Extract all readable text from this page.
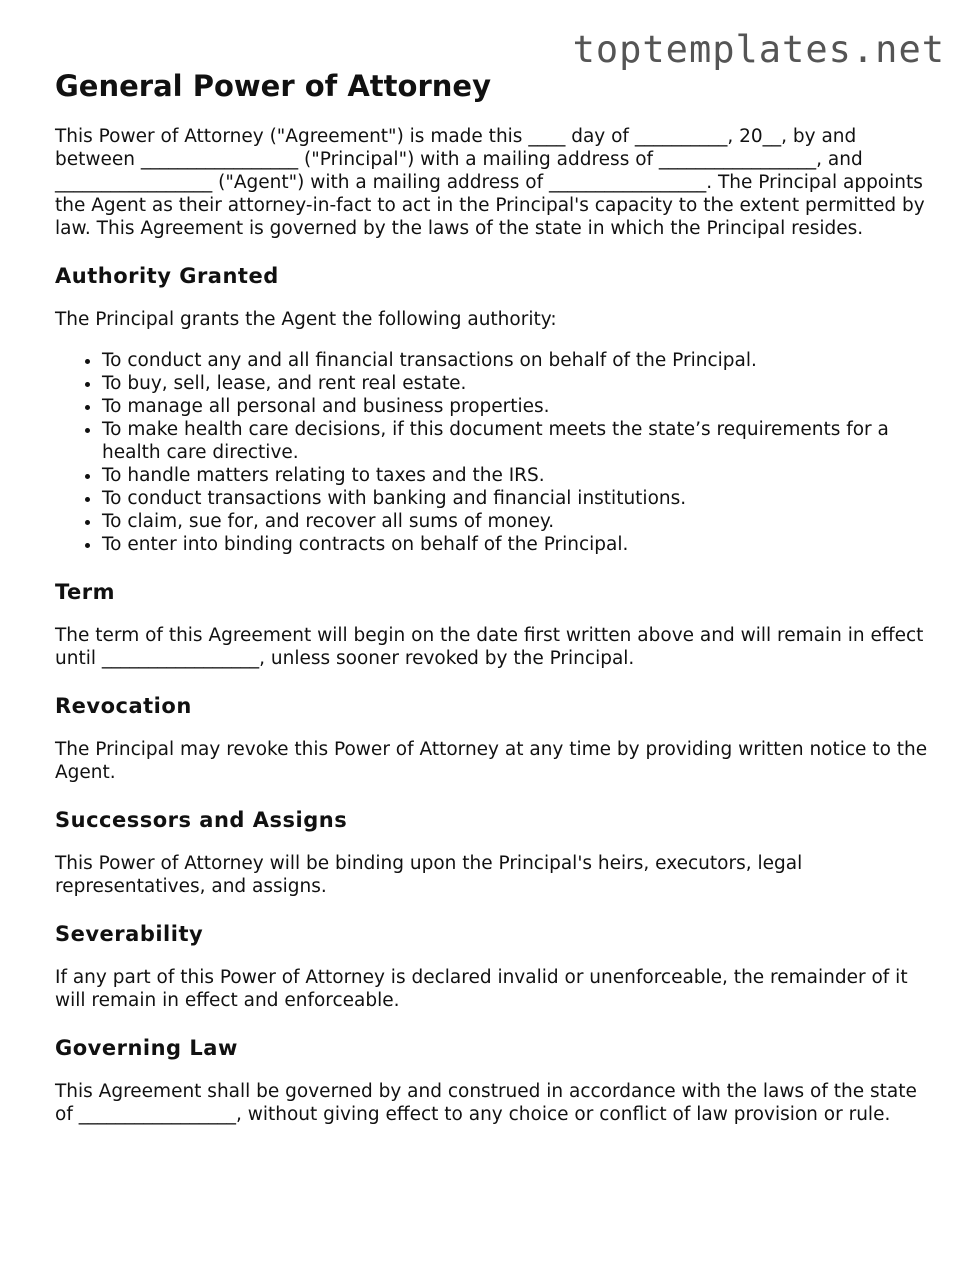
toptemplates.net
General Power of Attorney

This Power of Attorney ("Agreement") is made this ____ day of __________, 20__, by and between _________________ ("Principal") with a mailing address of _________________, and _________________ ("Agent") with a mailing address of _________________. The Principal appoints the Agent as their attorney-in-fact to act in the Principal's capacity to the extent permitted by law. This Agreement is governed by the laws of the state in which the Principal resides.

Authority Granted

The Principal grants the Agent the following authority:

• To conduct any and all financial transactions on behalf of the Principal.
• To buy, sell, lease, and rent real estate.
• To manage all personal and business properties.
• To make health care decisions, if this document meets the state’s requirements for a health care directive.
• To handle matters relating to taxes and the IRS.
• To conduct transactions with banking and financial institutions.
• To claim, sue for, and recover all sums of money.
• To enter into binding contracts on behalf of the Principal.
Term

The term of this Agreement will begin on the date first written above and will remain in effect until _________________, unless sooner revoked by the Principal.

Revocation

The Principal may revoke this Power of Attorney at any time by providing written notice to the Agent.

Successors and Assigns

This Power of Attorney will be binding upon the Principal's heirs, executors, legal representatives, and assigns.

Severability

If any part of this Power of Attorney is declared invalid or unenforceable, the remainder of it will remain in effect and enforceable.

Governing Law

This Agreement shall be governed by and construed in accordance with the laws of the state of _________________, without giving effect to any choice or conflict of law provision or rule.
